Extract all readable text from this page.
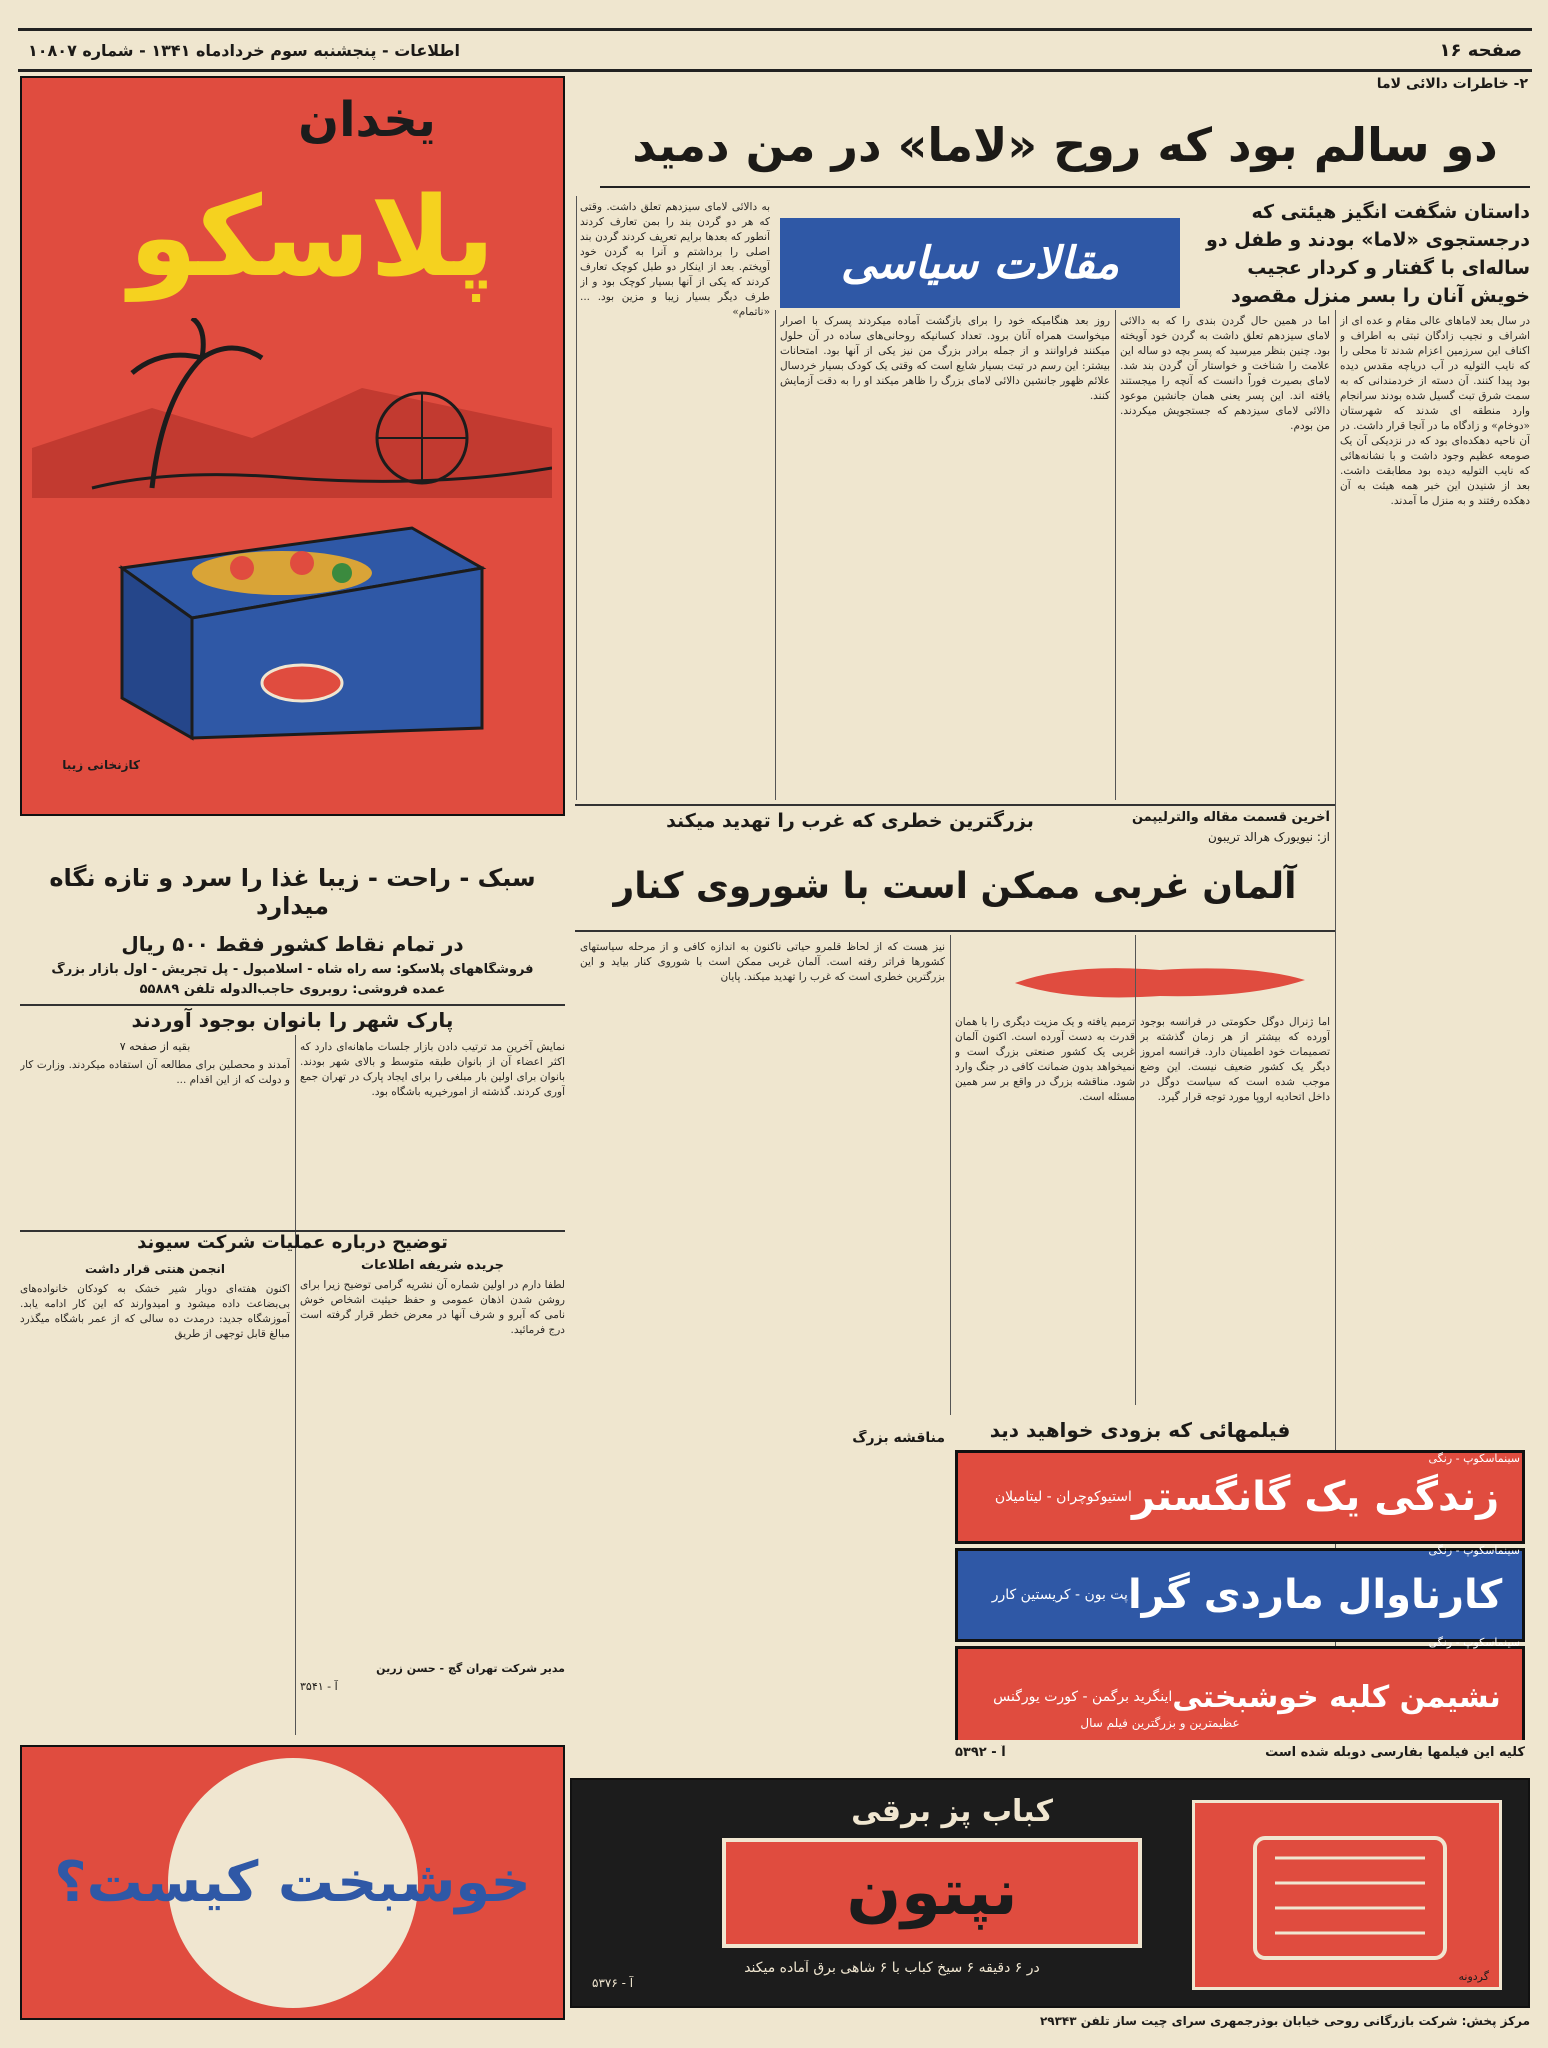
صفحه ۱۶
اطلاعات - پنجشنبه سوم خردادماه ۱۳۴۱ - شماره ۱۰۸۰۷
۲- خاطرات دالائی لاما
دو سالم بود که روح «لاما» در من دمید
داستان شگفت انگیز هیئتی که درجستجوی «لاما» بودند و طفل دو ساله‌ای با گفتار و کردار عجیب خویش آنان را بسر منزل مقصود
مقالات سیاسی
در سال بعد لاماهای عالی مقام و عده ای از اشراف و نجیب زادگان تبتی به اطراف و اکناف این سرزمین اعزام شدند تا محلی را که نایب التولیه در آب دریاچه مقدس دیده بود پیدا کنند. آن دسته از خردمندانی که به سمت شرق تبت گسیل شده بودند سرانجام وارد منطقه ای شدند که شهرستان «دوخام» و زادگاه ما در آنجا قرار داشت. در آن ناحیه دهکده‌ای بود که در نزدیکی آن یک صومعه عظیم وجود داشت و با نشانه‌هائی که نایب التولیه دیده بود مطابقت داشت. بعد از شنیدن این خبر همه هیئت به آن دهکده رفتند و به منزل ما آمدند.
اما در همین حال گردن بندی را که به دالائی لامای سیزدهم تعلق داشت به گردن خود آویخته بود. چنین بنظر میرسید که پسر بچه دو ساله این علامت را شناخت و خواستار آن گردن بند شد. لامای بصیرت فوراً دانست که آنچه را میجستند یافته اند. این پسر یعنی همان جانشین موعود دالائی لامای سیزدهم که جستجویش میکردند. من بودم.
روز بعد هنگامیکه خود را برای بازگشت آماده میکردند پسرک با اصرار میخواست همراه آنان برود. تعداد کسانیکه روحانی‌های ساده در آن حلول میکنند فراوانند و از جمله برادر بزرگ من نیز یکی از آنها بود. امتحانات بیشتر: این رسم در تبت بسیار شایع است که وقتی یک کودک بسیار خردسال علائم ظهور جانشین دالائی لامای بزرگ را ظاهر میکند او را به دقت آزمایش کنند.
به دالائی لامای سیزدهم تعلق داشت. وقتی که هر دو گردن بند را بمن تعارف کردند آنطور که بعدها برایم تعریف کردند گردن بند اصلی را برداشتم و آنرا به گردن خود آویختم. بعد از اینکار دو طبل کوچک تعارف کردند که یکی از آنها بسیار کوچک بود و از طرف دیگر بسیار زیبا و مزین بود. ... «ناتمام»
آخرین قسمت مقاله والترلیپمن
از: نیویورک هرالد تریبون
بزرگترین خطری که غرب را تهدید میکند
آلمان غربی ممکن است با شوروی کنار
اما ژنرال دوگل حکومتی در فرانسه بوجود آورده که بیشتر از هر زمان گذشته بر تصمیمات خود اطمینان دارد. فرانسه امروز دیگر یک کشور ضعیف نیست. این وضع موجب شده است که سیاست دوگل در داخل اتحادیه اروپا مورد توجه قرار گیرد.
ترمیم یافته و یک مزیت دیگری را با همان قدرت به دست آورده است. اکنون آلمان غربی یک کشور صنعتی بزرگ است و نمیخواهد بدون ضمانت کافی در جنگ وارد شود. مناقشه بزرگ در واقع بر سر همین مسئله است.
نیز هست که از لحاظ قلمرو حیاتی ناکنون به اندازه کافی و از مرحله سیاستهای کشورها فراتر رفته است. آلمان غربی ممکن است با شوروی کنار بیاید و این بزرگترین خطری است که غرب را تهدید میکند. پایان
مناقشه بزرگ	فیلمهائی که بزودی خواهید دید
زندگی یک گانگستر
استیوکوچران - لیتامیلان
کارناوال ماردی گرا
پت بون - کریستین کارر
نشیمن کلبه خوشبختی
اینگرید برگمن - کورت یورگنس
سینماسکوپ - رنگی
سینماسکوپ - رنگی
سینماسکوپ - رنگی
عظیمترین و بزرگترین فیلم سال
کلیه این فیلمها بفارسی دوبله شده است
آ - ۵۳۹۲
کباب پز برقی
نپتون
در ۶ دقیقه ۶ سیخ کباب با ۶ شاهی برق آماده میکند
گردونه
آ - ۵۳۷۶
مرکز پخش: شرکت بازرگانی روحی خیابان بوذرجمهری سرای چیت ساز تلفن ۲۹۳۴۳
یخدان
پلاسکو
کازنخانی زیبا
سبک - راحت - زیبا غذا را سرد و تازه نگاه میدارد
در تمام نقاط کشور فقط ۵۰۰ ریال
فروشگاههای پلاسکو: سه راه شاه - اسلامبول - پل تجریش - اول بازار بزرگ
عمده فروشی: روبروی حاجب‌الدوله تلفن ۵۵۸۸۹
پارک شهر را بانوان بوجود آوردند
نمایش آخرین مد ترتیب دادن بازار جلسات ماهانه‌ای دارد که اکثر اعضاء آن از بانوان طبقه متوسط و بالای شهر بودند. بانوان برای اولین بار مبلغی را برای ایجاد پارک در تهران جمع آوری کردند. گذشته از امورخیریه باشگاه بود.
بقیه از صفحه ۷
آمدند و محصلین برای مطالعه آن استفاده میکردند. وزارت کار و دولت که از این اقدام ...
توضیح درباره عملیات شرکت سیوند
جریده شریفه اطلاعات
لطفا دارم در اولین شماره آن نشریه گرامی توضیح زیرا برای روشن شدن اذهان عمومی و حفظ حیثیت اشخاص خوش نامی که آبرو و شرف آنها در معرض خطر قرار گرفته است درج فرمائید.
مدیر شرکت تهران گچ - حسن زرین
آ - ۳۵۴۱
انجمن هنتی قرار داشت
اکنون هفته‌ای دوبار شیر خشک به کودکان خانواده‌های بی‌بضاعت داده میشود و امیدوارند که این کار ادامه یابد. آموزشگاه جدید: درمدت ده سالی که از عمر باشگاه میگذرد مبالغ قابل توجهی از طریق
خوشبخت کیست؟
